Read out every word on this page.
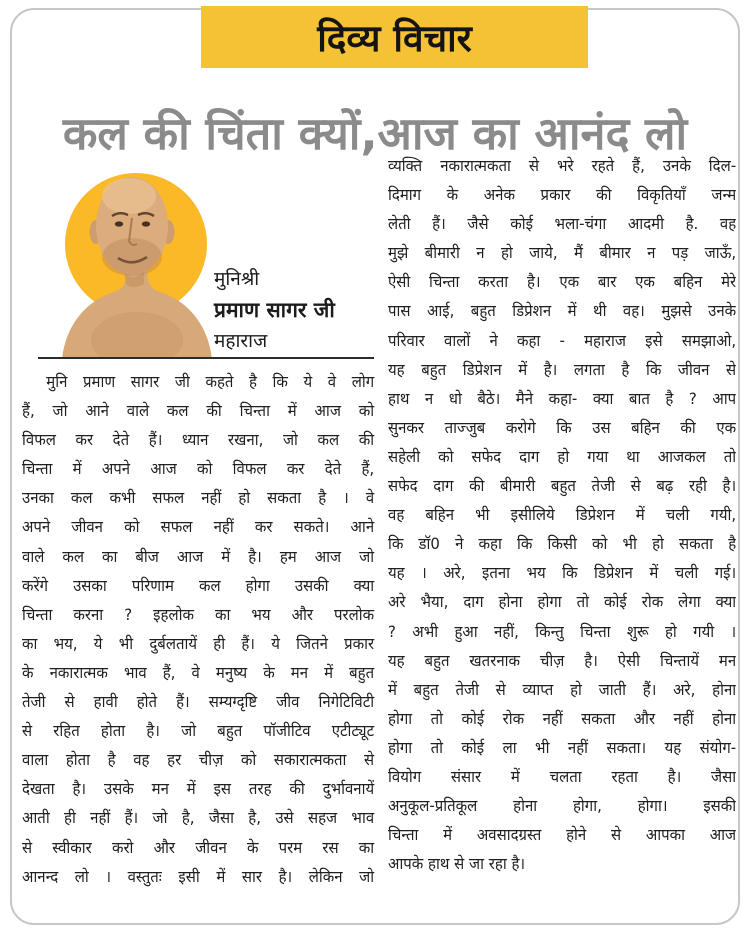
दिव्य विचार
कल की चिंता क्यों,आज का आनंद लो
मुनिश्री
प्रमाण सागर जी
महाराज
मुनि प्रमाण सागर जी कहते है कि ये वे लोग
हैं, जो आने वाले कल की चिन्ता में आज को
विफल कर देते हैं। ध्यान रखना, जो कल की
चिन्ता में अपने आज को विफल कर देते हैं,
उनका कल कभी सफल नहीं हो सकता है । वे
अपने जीवन को सफल नहीं कर सकते। आने
वाले कल का बीज आज में है। हम आज जो
करेंगे उसका परिणाम कल होगा उसकी क्या
चिन्ता करना ? इहलोक का भय और परलोक
का भय, ये भी दुर्बलतायें ही हैं। ये जितने प्रकार
के नकारात्मक भाव हैं, वे मनुष्य के मन में बहुत
तेजी से हावी होते हैं। सम्यग्दृष्टि जीव निगेटिविटी
से रहित होता है। जो बहुत पॉजीटिव एटीट्यूट
वाला होता है वह हर चीज़ को सकारात्मकता से
देखता है। उसके मन में इस तरह की दुर्भावनायें
आती ही नहीं हैं। जो है, जैसा है, उसे सहज भाव
से स्वीकार करो और जीवन के परम रस का
आनन्द लो । वस्तुतः इसी में सार है। लेकिन जो
व्यक्ति नकारात्मकता से भरे रहते हैं, उनके दिल-
दिमाग के अनेक प्रकार की विकृतियाँ जन्म
लेती हैं। जैसे कोई भला-चंगा आदमी है. वह
मुझे बीमारी न हो जाये, मैं बीमार न पड़ जाऊँ,
ऐसी चिन्ता करता है। एक बार एक बहिन मेरे
पास आई, बहुत डिप्रेशन में थी वह। मुझसे उनके
परिवार वालों ने कहा - महाराज इसे समझाओ,
यह बहुत डिप्रेशन में है। लगता है कि जीवन से
हाथ न धो बैठे। मैने कहा- क्या बात है ? आप
सुनकर ताज्जुब करोगे कि उस बहिन की एक
सहेली को सफेद दाग हो गया था आजकल तो
सफेद दाग की बीमारी बहुत तेजी से बढ़ रही है।
वह बहिन भी इसीलिये डिप्रेशन में चली गयी,
कि डॉ0 ने कहा कि किसी को भी हो सकता है
यह । अरे, इतना भय कि डिप्रेशन में चली गई।
अरे भैया, दाग होना होगा तो कोई रोक लेगा क्या
? अभी हुआ नहीं, किन्तु चिन्ता शुरू हो गयी ।
यह बहुत खतरनाक चीज़ है। ऐसी चिन्तायें मन
में बहुत तेजी से व्याप्त हो जाती हैं। अरे, होना
होगा तो कोई रोक नहीं सकता और नहीं होना
होगा तो कोई ला भी नहीं सकता। यह संयोग-
वियोग संसार में चलता रहता है। जैसा
अनुकूल-प्रतिकूल होना होगा, होगा। इसकी
चिन्ता में अवसादग्रस्त होने से आपका आज
आपके हाथ से जा रहा है।
